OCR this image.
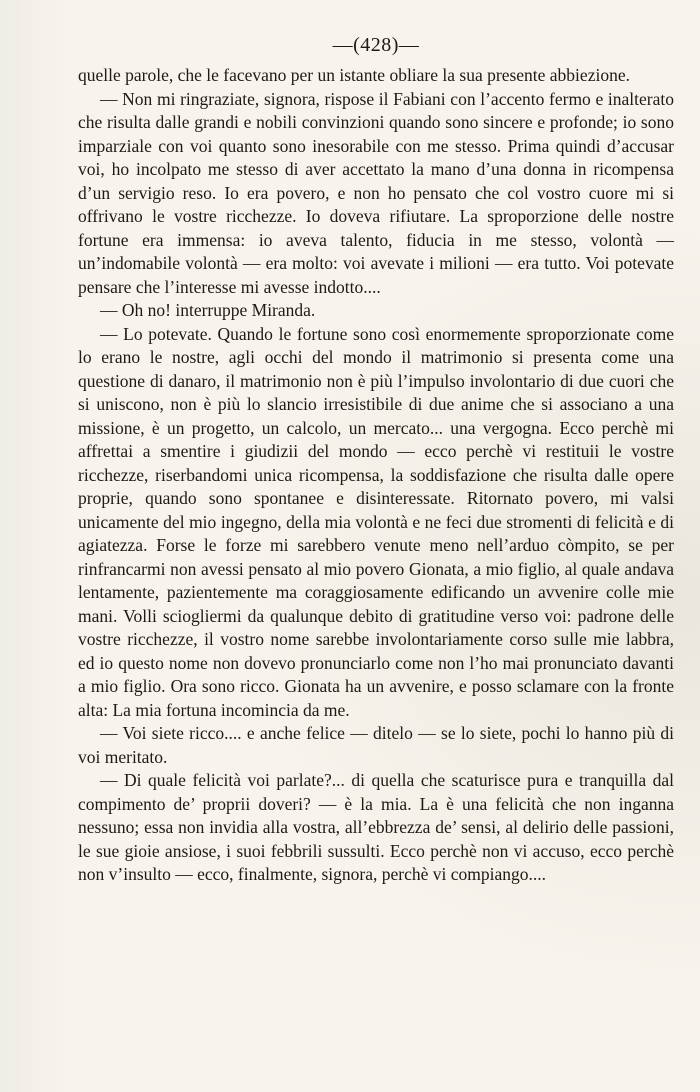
—(428)—

quelle parole, che le facevano per un istante obliare la sua presente abbiezione.

— Non mi ringraziate, signora, rispose il Fabiani con l’accento fermo e inalterato che risulta dalle grandi e nobili convinzioni quando sono sincere e profonde; io sono imparziale con voi quanto sono inesorabile con me stesso. Prima quindi d’accusar voi, ho incolpato me stesso di aver accettato la mano d’una donna in ricompensa d’un servigio reso. Io era povero, e non ho pensato che col vostro cuore mi si offrivano le vostre ricchezze. Io doveva rifiutare. La sproporzione delle nostre fortune era immensa: io aveva talento, fiducia in me stesso, volontà — un’indomabile volontà — era molto: voi avevate i milioni — era tutto. Voi potevate pensare che l’interesse mi avesse indotto....

— Oh no! interruppe Miranda.

— Lo potevate. Quando le fortune sono così enormemente sproporzionate come lo erano le nostre, agli occhi del mondo il matrimonio si presenta come una questione di danaro, il matrimonio non è più l’impulso involontario di due cuori che si uniscono, non è più lo slancio irresistibile di due anime che si associano a una missione, è un progetto, un calcolo, un mercato... una vergogna. Ecco perchè mi affrettai a smentire i giudizii del mondo — ecco perchè vi restituii le vostre ricchezze, riserbandomi unica ricompensa, la soddisfazione che risulta dalle opere proprie, quando sono spontanee e disinteressate. Ritornato povero, mi valsi unicamente del mio ingegno, della mia volontà e ne feci due stromenti di felicità e di agiatezza. Forse le forze mi sarebbero venute meno nell’arduo còmpito, se per rinfrancarmi non avessi pensato al mio povero Gionata, a mio figlio, al quale andava lentamente, pazientemente ma coraggiosamente edificando un avvenire colle mie mani. Volli sciogliermi da qualunque debito di gratitudine verso voi: padrone delle vostre ricchezze, il vostro nome sarebbe involontariamente corso sulle mie labbra, ed io questo nome non dovevo pronunciarlo come non l’ho mai pronunciato davanti a mio figlio. Ora sono ricco. Gionata ha un avvenire, e posso sclamare con la fronte alta: La mia fortuna incomincia da me.

— Voi siete ricco.... e anche felice — ditelo — se lo siete, pochi lo hanno più di voi meritato.

— Di quale felicità voi parlate?... di quella che scaturisce pura e tranquilla dal compimento de’ proprii doveri? — è la mia. La è una felicità che non inganna nessuno; essa non invidia alla vostra, all’ebbrezza de’ sensi, al delirio delle passioni, le sue gioie ansiose, i suoi febbrili sussulti. Ecco perchè non vi accuso, ecco perchè non v’insulto — ecco, finalmente, signora, perchè vi compiango....
